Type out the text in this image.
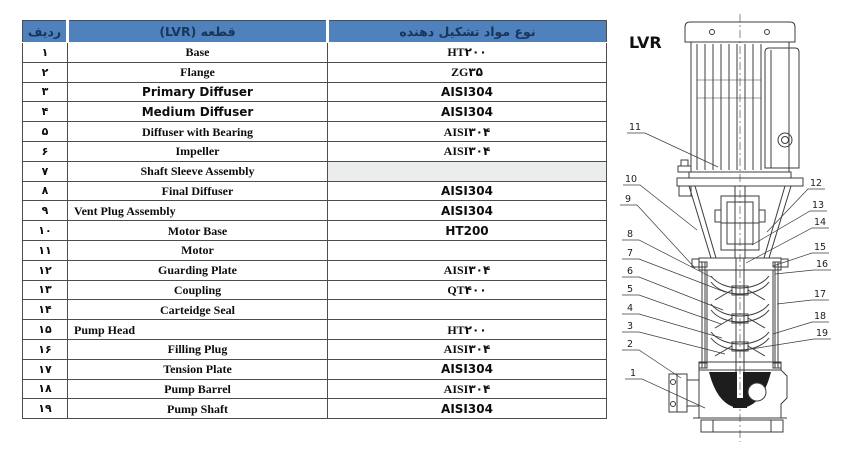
ردیف	قطعه (LVR)	نوع مواد تشکیل دهنده
۱	Base	HT۲۰۰
۲	Flange	ZG۳۵
۳	Primary Diffuser	AISI304
۴	Medium Diffuser	AISI304
۵	Diffuser with Bearing	AISI۳۰۴
۶	Impeller	AISI۳۰۴
۷	Shaft Sleeve Assembly	
۸	Final Diffuser	AISI304
۹	Vent Plug Assembly	AISI304
۱۰	Motor Base	HT200
۱۱	Motor	
۱۲	Guarding Plate	AISI۳۰۴
۱۳	Coupling	QT۴۰۰
۱۴	Carteidge Seal	
۱۵	Pump Head	HT۲۰۰
۱۶	Filling Plug	AISI۳۰۴
۱۷	Tension Plate	AISI304
۱۸	Pump Barrel	AISI۳۰۴
۱۹	Pump Shaft	AISI304
LVR
11
10
9
8
7
6
5
4
3
2
1
12
13
14
15
16
17
18
19
